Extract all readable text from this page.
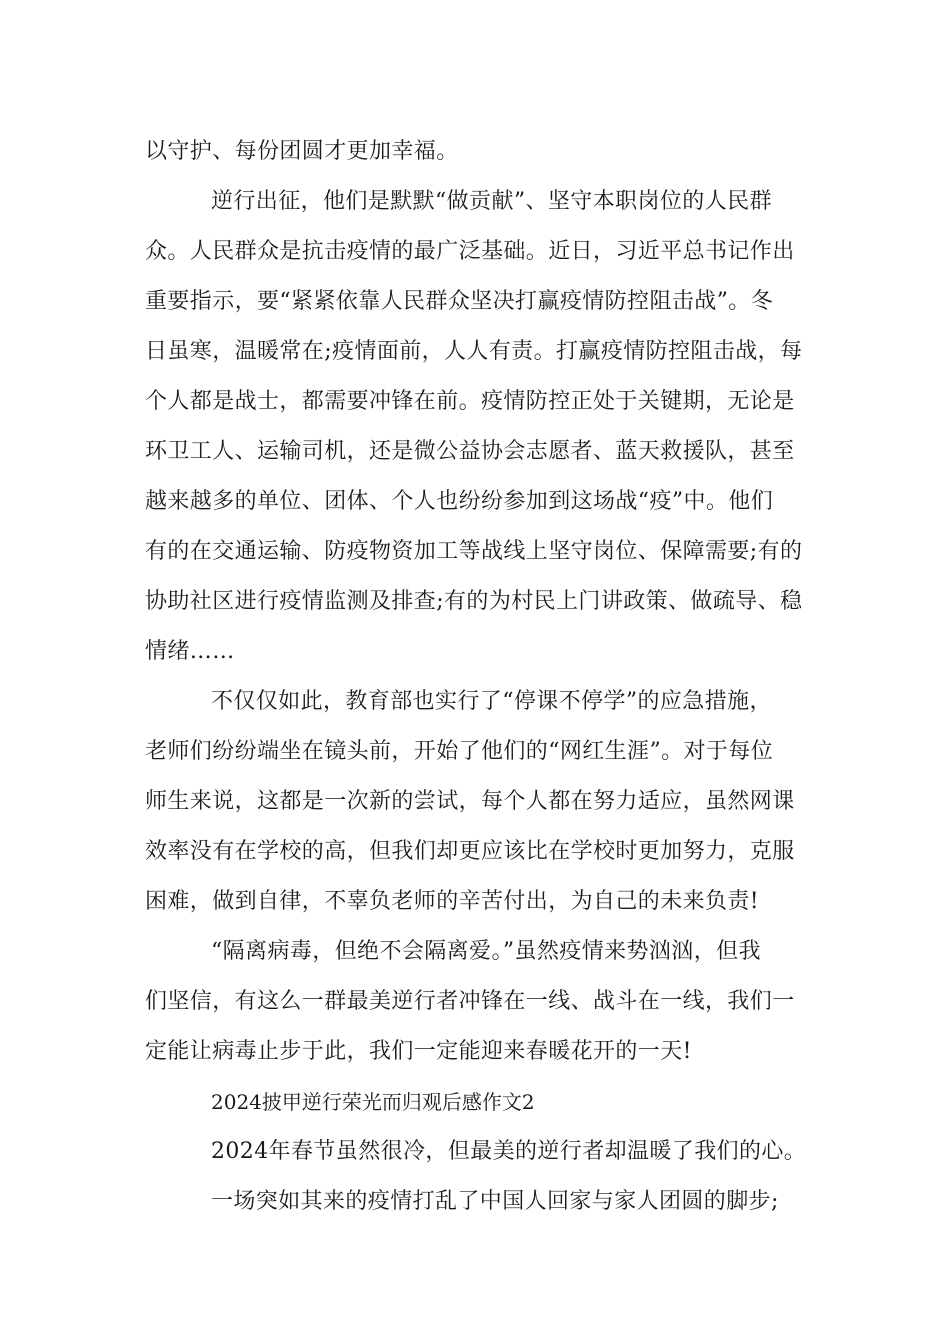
以守护、每份团圆才更加幸福。
逆行出征，他们是默默“做贡献”、坚守本职岗位的人民群
众。人民群众是抗击疫情的最广泛基础。近日，习近平总书记作出
重要指示，要“紧紧依靠人民群众坚决打赢疫情防控阻击战”。冬
日虽寒，温暖常在;疫情面前，人人有责。打赢疫情防控阻击战，每
个人都是战士，都需要冲锋在前。疫情防控正处于关键期，无论是
环卫工人、运输司机，还是微公益协会志愿者、蓝天救援队，甚至
越来越多的单位、团体、个人也纷纷参加到这场战“疫”中。他们
有的在交通运输、防疫物资加工等战线上坚守岗位、保障需要;有的
协助社区进行疫情监测及排查;有的为村民上门讲政策、做疏导、稳
情绪……
不仅仅如此，教育部也实行了“停课不停学”的应急措施，
老师们纷纷端坐在镜头前，开始了他们的“网红生涯”。对于每位
师生来说，这都是一次新的尝试，每个人都在努力适应，虽然网课
效率没有在学校的高，但我们却更应该比在学校时更加努力，克服
困难，做到自律，不辜负老师的辛苦付出，为自己的未来负责!
“隔离病毒，但绝不会隔离爱。”虽然疫情来势汹汹，但我
们坚信，有这么一群最美逆行者冲锋在一线、战斗在一线，我们一
定能让病毒止步于此，我们一定能迎来春暖花开的一天!
2024披甲逆行荣光而归观后感作文2
2024年春节虽然很冷，但最美的逆行者却温暖了我们的心。
一场突如其来的疫情打乱了中国人回家与家人团圆的脚步;
